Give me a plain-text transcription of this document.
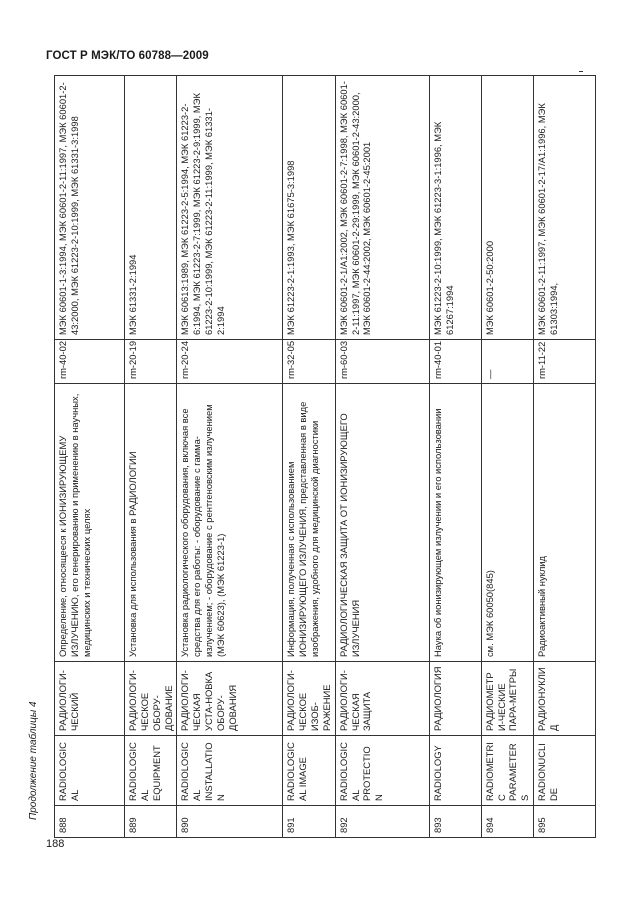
ГОСТ Р МЭК/ТО 60788—2009
Продолжение таблицы 4
188
888	RADIOLOGICAL	РАДИОЛОГИ-ЧЕСКИЙ	Определение, относящееся к ИОНИЗИРУЮЩЕМУ ИЗЛУЧЕНИЮ, его генерированию и применению в научных, медицинских и технических целях	rm-40-02	МЭК 60601-1-3:1994, МЭК 60601-2-11:1997, МЭК 60601-2-43:2000, МЭК 61223-2-10:1999, МЭК 61331-3:1998
889	RADIOLOGICAL EQUIPMENT	РАДИОЛОГИ-ЧЕСКОЕ ОБОРУ-ДОВАНИЕ	Установка для использования в РАДИОЛОГИИ	rm-20-19	МЭК 61331-2:1994
890	RADIOLOGICAL INSTALLATION	РАДИОЛОГИ-ЧЕСКАЯ УСТА-НОВКА ОБОРУ-ДОВАНИЯ	Установка радиологического оборудования, включая все средства для его работы: - оборудование с гамма-излучением; - оборудование с рентгеновским излучением (МЭК 60623), (МЭК 61223-1)	rm-20-24	МЭК 60613:1989, МЭК 61223-2-5:1994, МЭК 61223-2-6:1994, МЭК 61223-2-7:1999, МЭК 61223-2-9:1999, МЭК 61223-2-10:1999, МЭК 61223-2-11:1999, МЭК 61331-2:1994
891	RADIOLOGICAL IMAGE	РАДИОЛОГИ-ЧЕСКОЕ ИЗОБ-РАЖЕНИЕ	Информация, полученная с использованием ИОНИЗИРУЮЩЕГО ИЗЛУЧЕНИЯ, представленная в виде изображения, удобного для медицинской диагностики	rm-32-05	МЭК 61223-2-1:1993, МЭК 61675-3:1998
892	RADIOLOGICAL PROTECTION	РАДИОЛОГИ-ЧЕСКАЯ ЗАЩИТА	РАДИОЛОГИЧЕСКАЯ ЗАЩИТА ОТ ИОНИЗИРУЮЩЕГО ИЗЛУЧЕНИЯ	rm-60-03	МЭК 60601-2-1/А1:2002, МЭК 60601-2-7:1998, МЭК 60601-2-11:1997, МЭК 60601-2-29:1999, МЭК 60601-2-43:2000, МЭК 60601-2-44:2002, МЭК 60601-2-45:2001
893	RADIOLOGY	РАДИОЛОГИЯ	Наука об ионизирующем излучении и его использовании	rm-40-01	МЭК 61223-2-10:1999, МЭК 61223-3-1:1996, МЭК 61267:1994
894	RADIOMETRIC PARAMETERS	РАДИОМЕТРИ-ЧЕСКИЕ ПАРА-МЕТРЫ	см. МЭК 60050(845)	—	МЭК 60601-2-50:2000
895	RADIONUCLIDE	РАДИОНУКЛИД	Радиоактивный нуклид	rm-11-22	МЭК 60601-2-11:1997, МЭК 60601-2-17/А1:1996, МЭК 61303:1994,
